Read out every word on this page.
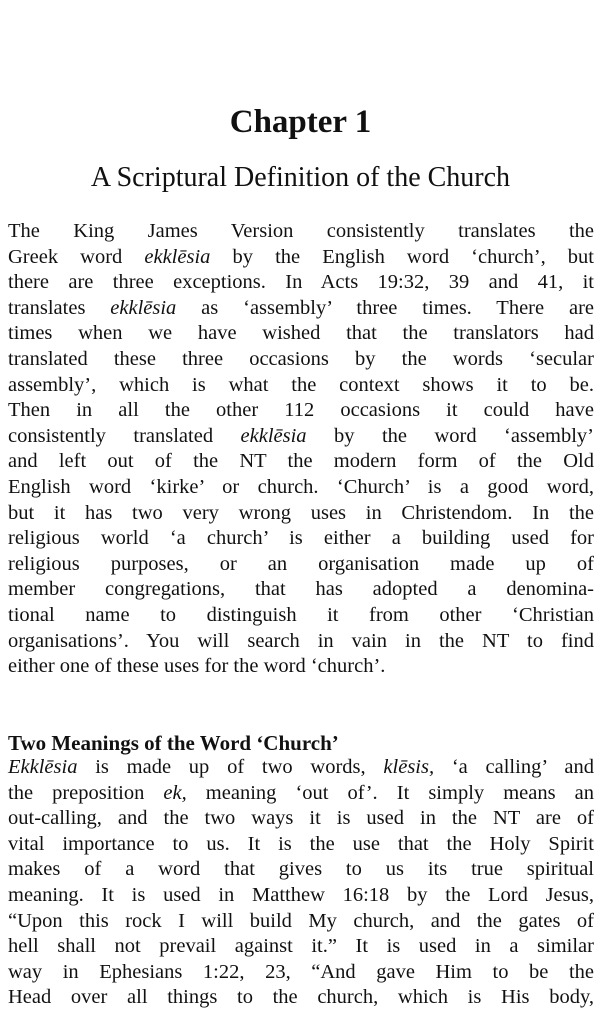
Chapter 1
A Scriptural Definition of the Church
The King James Version consistently translates the
Greek word ekklēsia by the English word ‘church’, but
there are three exceptions. In Acts 19:32, 39 and 41, it
translates ekklēsia as ‘assembly’ three times. There are
times when we have wished that the translators had
translated these three occasions by the words ‘secular
assembly’, which is what the context shows it to be.
Then in all the other 112 occasions it could have
consistently translated ekklēsia by the word ‘assembly’
and left out of the NT the modern form of the Old
English word ‘kirke’ or church. ‘Church’ is a good word,
but it has two very wrong uses in Christendom. In the
religious world ‘a church’ is either a building used for
religious purposes, or an organisation made up of
member congregations, that has adopted a denomina-
tional name to distinguish it from other ‘Christian
organisations’. You will search in vain in the NT to find
either one of these uses for the word ‘church’.
Two Meanings of the Word ‘Church’
Ekklēsia is made up of two words, klēsis, ‘a calling’ and
the preposition ek, meaning ‘out of’. It simply means an
out-calling, and the two ways it is used in the NT are of
vital importance to us. It is the use that the Holy Spirit
makes of a word that gives to us its true spiritual
meaning. It is used in Matthew 16:18 by the Lord Jesus,
“Upon this rock I will build My church, and the gates of
hell shall not prevail against it.” It is used in a similar
way in Ephesians 1:22, 23, “And gave Him to be the
Head over all things to the church, which is His body,
